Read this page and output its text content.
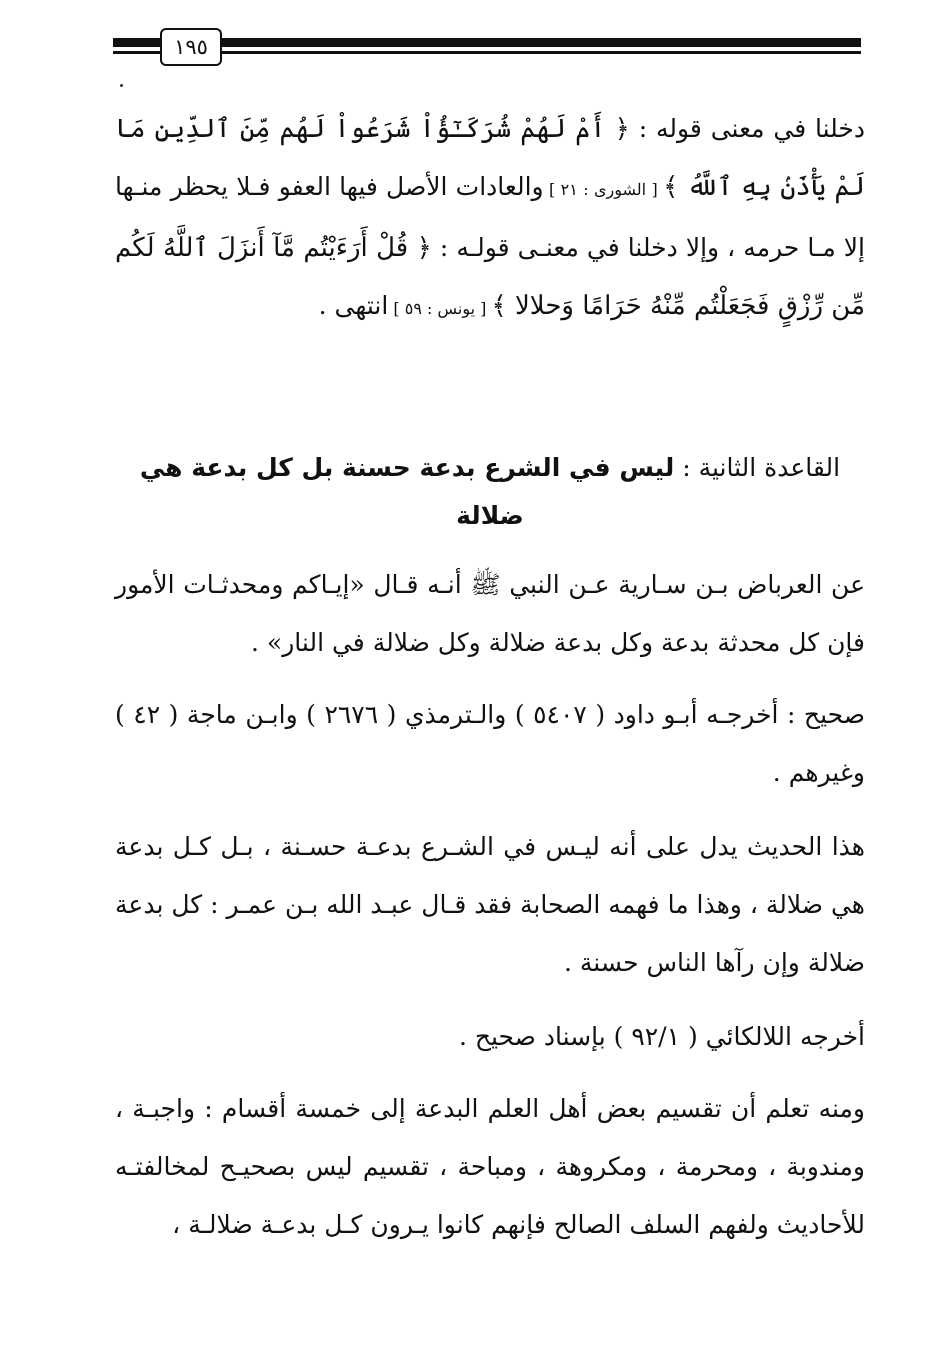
١٩٥

دخلنا في معنى قوله : ﴿ أَمْ لَهُمْ شُرَكَـٰٓؤُاْ شَرَعُواْ لَهُم مِّنَ ٱلدِّينِ مَا لَمْ يَأْذَنۢ بِهِ ٱللَّهُ ﴾ [ الشورى : ٢١ ] والعادات الأصل فيها العفو فـلا يحظر منـها إلا مـا حرمه ، وإلا دخلنا في معنـى قولـه : ﴿ قُلْ أَرَءَيْتُم مَّآ أَنزَلَ ٱللَّهُ لَكُم مِّن رِّزْقٍ فَجَعَلْتُم مِّنْهُ حَرَامًا وَحلالا ﴾ [ يونس : ٥٩ ] انتهى .

القاعدة الثانية : ليس في الشرع بدعة حسنة بل كل بدعة هي ضلالة

عن العرباض بـن سـارية عـن النبي ﷺ أنـه قـال «إيـاكم ومحدثـات الأمور فإن كل محدثة بدعة وكل بدعة ضلالة وكل ضلالة في النار» .

صحيح : أخرجـه أبـو داود ( ٥٤٠٧ ) والـترمذي ( ٢٦٧٦ ) وابـن ماجة ( ٤٢ ) وغيرهم .

هذا الحديث يدل على أنه ليـس في الشـرع بدعـة حسـنة ، بـل كـل بدعة هي ضلالة ، وهذا ما فهمه الصحابة فقد قـال عبـد الله بـن عمـر : كل بدعة ضلالة وإن رآها الناس حسنة .

أخرجه اللالكائي ( ٩٢/١ ) بإسناد صحيح .

ومنه تعلم أن تقسيم بعض أهل العلم البدعة إلى خمسة أقسام : واجبـة ، ومندوبة ، ومحرمة ، ومكروهة ، ومباحة ، تقسيم ليس بصحيـح لمخالفتـه للأحاديث ولفهم السلف الصالح فإنهم كانوا يـرون كـل بدعـة ضلالـة ،
